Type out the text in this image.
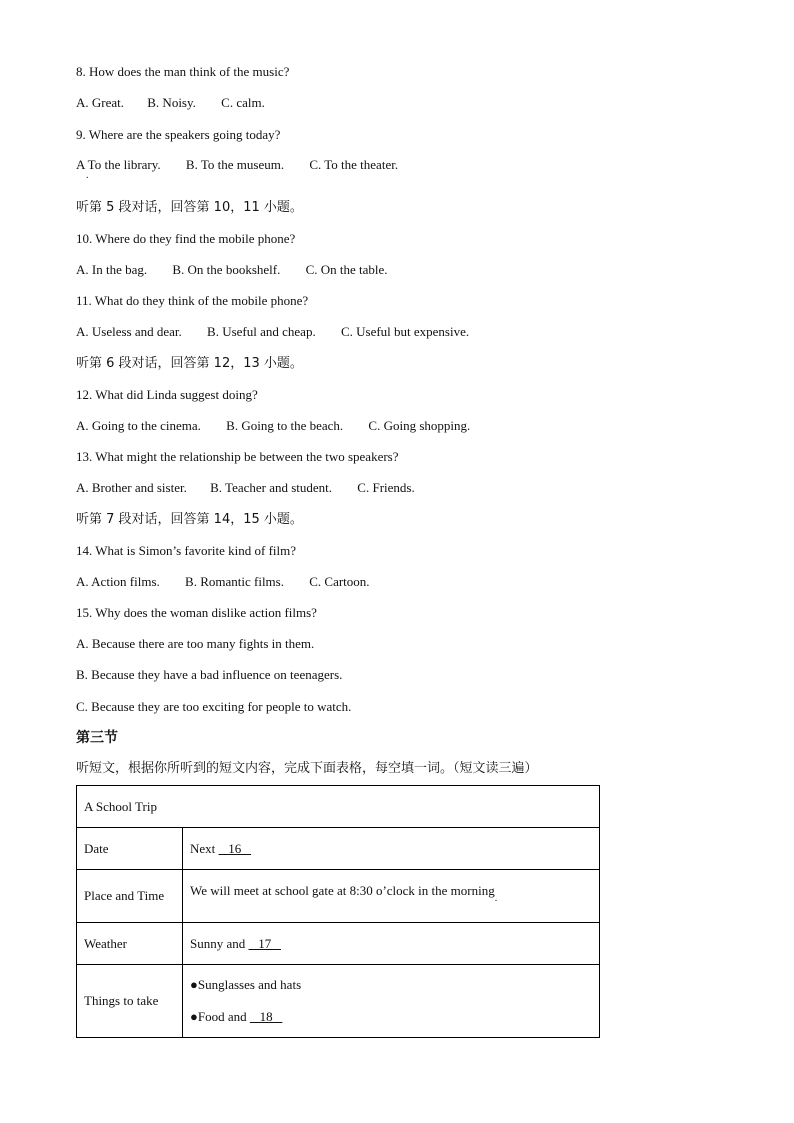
8. How does the man think of the music?
A. Great. B. Noisy. C. calm.
9. Where are the speakers going today?
A To the library. B. To the museum. C. To the theater.
.
听第 5 段对话，回答第 10，11 小题。
10. Where do they find the mobile phone?
A. In the bag. B. On the bookshelf. C. On the table.
11. What do they think of the mobile phone?
A. Useless and dear. B. Useful and cheap. C. Useful but expensive.
听第 6 段对话，回答第 12，13 小题。
12. What did Linda suggest doing?
A. Going to the cinema. B. Going to the beach. C. Going shopping.
13. What might the relationship be between the two speakers?
A. Brother and sister. B. Teacher and student. C. Friends.
听第 7 段对话，回答第 14，15 小题。
14. What is Simon’s favorite kind of film?
A. Action films. B. Romantic films. C. Cartoon.
15. Why does the woman dislike action films?
A. Because there are too many fights in them.
B. Because they have a bad influence on teenagers.
C. Because they are too exciting for people to watch.
第三节
听短文，根据你所听到的短文内容，完成下面表格，每空填一词。（短文读三遍）
A School Trip	
Date	Next    16
Place and Time	We will meet at school gate at 8:30 o’clock in the morning$_.$
Weather	Sunny and    17
Things to take	●Sunglasses and hats
●Food and    18
